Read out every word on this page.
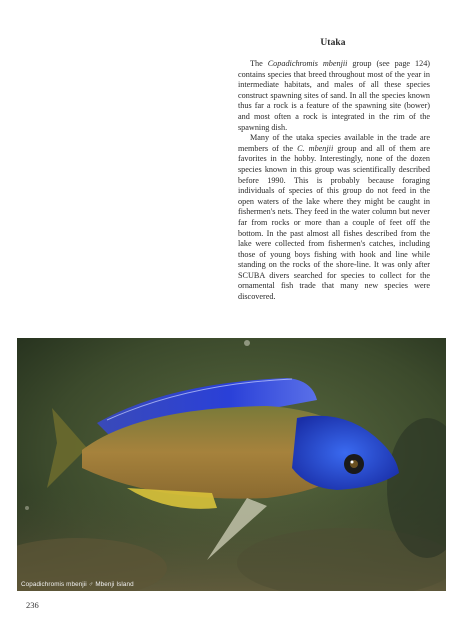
Utaka

The Copadichromis mbenjii group (see page 124) contains species that breed throughout most of the year in intermediate habitats, and males of all these species construct spawning sites of sand. In all the species known thus far a rock is a feature of the spawning site (bower) and most often a rock is integrated in the rim of the spawning dish.

Many of the utaka species available in the trade are members of the C. mbenjii group and all of them are favorites in the hobby. Interestingly, none of the dozen species known in this group was scientifically described before 1990. This is probably because foraging individuals of species of this group do not feed in the open waters of the lake where they might be caught in fishermen's nets. They feed in the water column but never far from rocks or more than a couple of feet off the bottom. In the past almost all fishes described from the lake were collected from fishermen's catches, including those of young boys fishing with hook and line while standing on the rocks of the shore-line. It was only after SCUBA divers searched for species to collect for the ornamental fish trade that many new species were discovered.

Copadichromis mbenjii ♂ Mbenji Island
236
